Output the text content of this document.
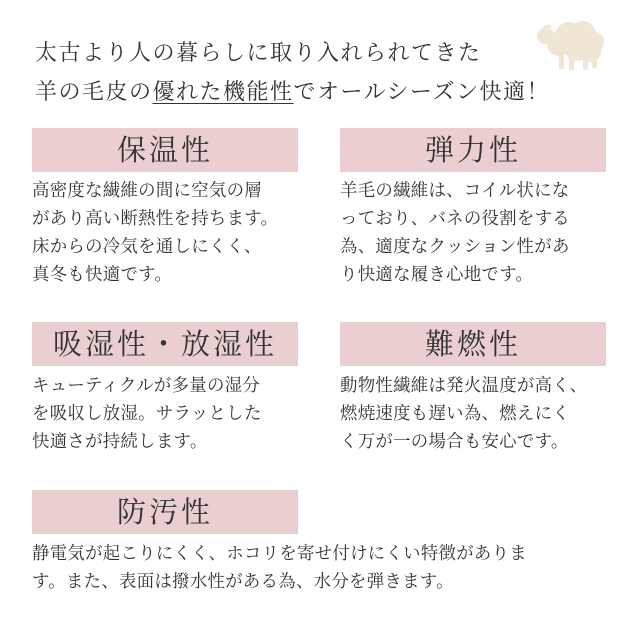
太古より人の暮らしに取り入れられてきた
羊の毛皮の優れた機能性でオールシーズン快適！
保温性
高密度な繊維の間に空気の層
があり高い断熱性を持ちます。
床からの冷気を通しにくく、
真冬も快適です。
弾力性
羊毛の繊維は、コイル状にな
っており、バネの役割をする
為、適度なクッション性があ
り快適な履き心地です。
吸湿性・放湿性
キューティクルが多量の湿分
を吸収し放湿。サラッとした
快適さが持続します。
難燃性
動物性繊維は発火温度が高く、
燃焼速度も遅い為、燃えにく
く万が一の場合も安心です。
防汚性
静電気が起こりにくく、ホコリを寄せ付けにくい特徴がありま
す。また、表面は撥水性がある為、水分を弾きます。
